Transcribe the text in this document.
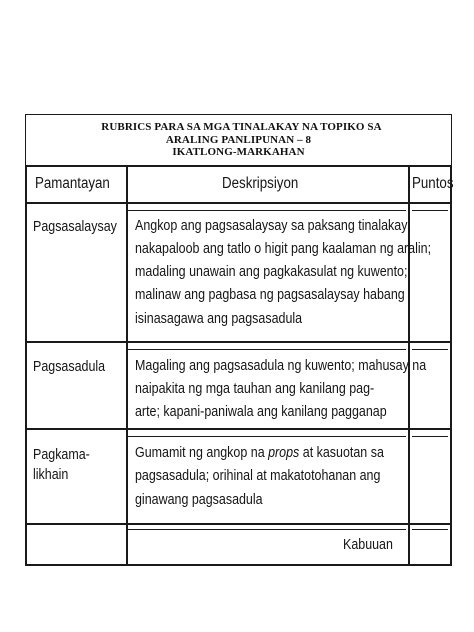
RUBRICS PARA SA MGA TINALAKAY NA TOPIKO SA
ARALING PANLIPUNAN – 8
IKATLONG-MARKAHAN
Pamantayan	Deskripsiyon	Puntos
Pagsasalaysay Angkop ang pagsasalaysay sa paksang tinalakay;
nakapaloob ang tatlo o higit pang kaalaman ng aralin;
madaling unawain ang pagkakasulat ng kuwento;
malinaw ang pagbasa ng pagsasalaysay habang
isinasagawa ang pagsasadula
Pagsasadula Magaling ang pagsasadula ng kuwento; mahusay na
naipakita ng mga tauhan ang kanilang pag-
arte; kapani-paniwala ang kanilang pagganap
Pagkama-
likhain
Gumamit ng angkop na props at kasuotan sa
pagsasadula; orihinal at makatotohanan ang
ginawang pagsasadula
Kabuuan
